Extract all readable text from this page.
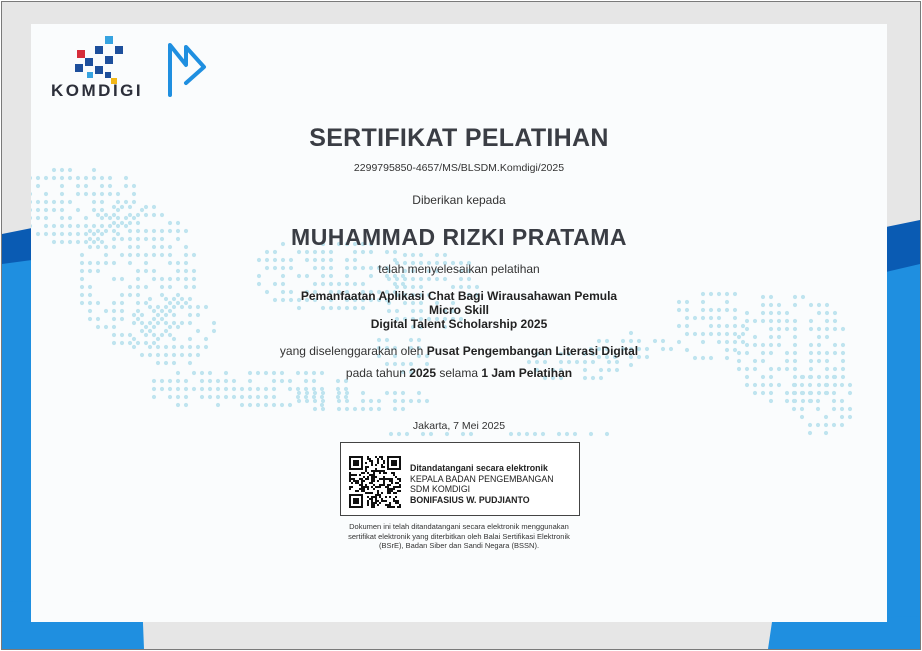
KOMDIGI
SERTIFIKAT PELATIHAN
2299795850-4657/MS/BLSDM.Komdigi/2025
Diberikan kepada
MUHAMMAD RIZKI PRATAMA
telah menyelesaikan pelatihan
Pemanfaatan Aplikasi Chat Bagi Wirausahawan Pemula
Micro Skill
Digital Talent Scholarship 2025
yang diselenggarakan oleh Pusat Pengembangan Literasi Digital
pada tahun 2025 selama 1 Jam Pelatihan
Jakarta, 7 Mei 2025
Ditandatangani secara elektronik
KEPALA BADAN PENGEMBANGAN
SDM KOMDIGI
BONIFASIUS W. PUDJIANTO
Dokumen ini telah ditandatangani secara elektronik menggunakan
sertifikat elektronik yang diterbitkan oleh Balai Sertifikasi Elektronik
(BSrE), Badan Siber dan Sandi Negara (BSSN).
